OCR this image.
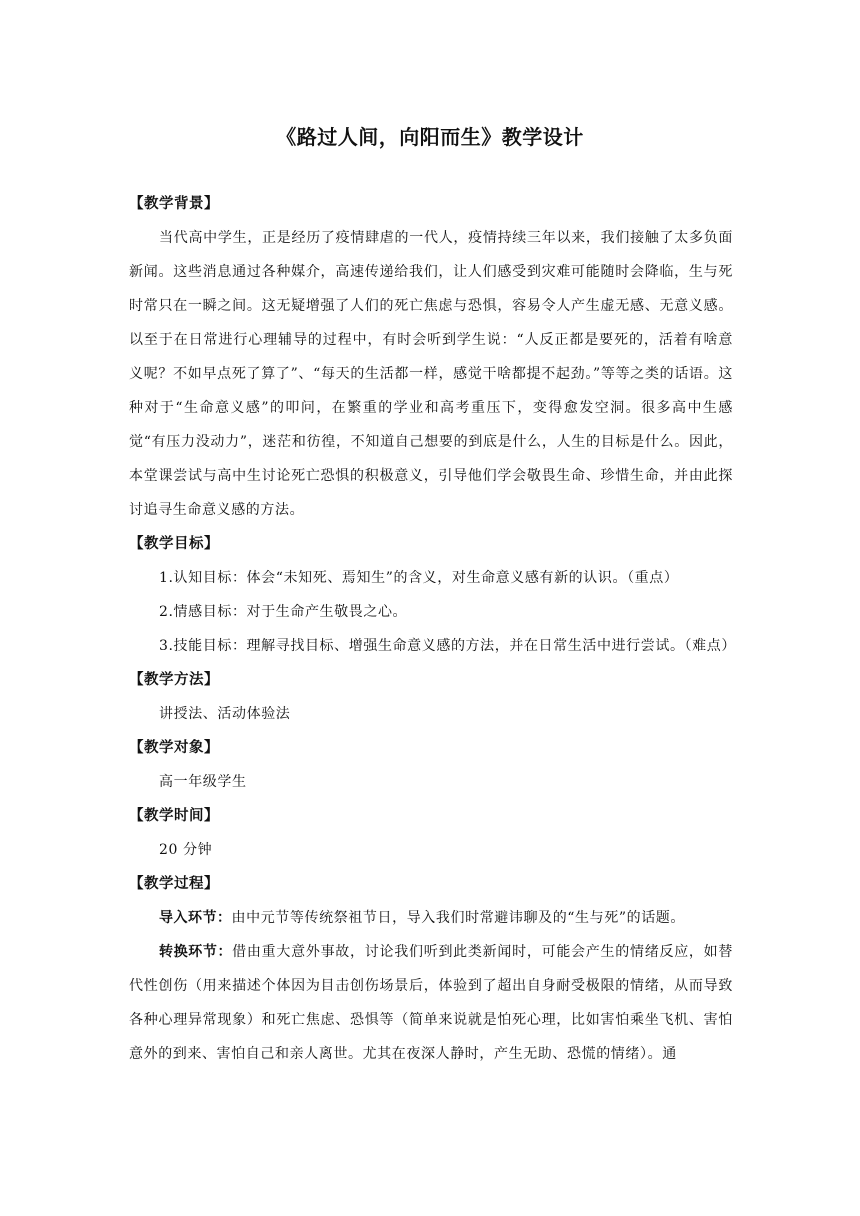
《路过人间，向阳而生》教学设计
【教学背景】

当代高中学生，正是经历了疫情肆虐的一代人，疫情持续三年以来，我们接触了太多负面新闻。这些消息通过各种媒介，高速传递给我们，让人们感受到灾难可能随时会降临，生与死时常只在一瞬之间。这无疑增强了人们的死亡焦虑与恐惧，容易令人产生虚无感、无意义感。以至于在日常进行心理辅导的过程中，有时会听到学生说：“人反正都是要死的，活着有啥意义呢？不如早点死了算了”、“每天的生活都一样，感觉干啥都提不起劲。”等等之类的话语。这种对于“生命意义感”的叩问，在繁重的学业和高考重压下，变得愈发空洞。很多高中生感觉“有压力没动力”，迷茫和彷徨，不知道自己想要的到底是什么，人生的目标是什么。因此，本堂课尝试与高中生讨论死亡恐惧的积极意义，引导他们学会敬畏生命、珍惜生命，并由此探讨追寻生命意义感的方法。

【教学目标】

1.认知目标：体会“未知死、焉知生”的含义，对生命意义感有新的认识。（重点）

2.情感目标：对于生命产生敬畏之心。

3.技能目标：理解寻找目标、增强生命意义感的方法，并在日常生活中进行尝试。（难点）

【教学方法】

讲授法、活动体验法

【教学对象】

高一年级学生

【教学时间】

20 分钟

【教学过程】

导入环节：由中元节等传统祭祖节日，导入我们时常避讳聊及的“生与死”的话题。

转换环节：借由重大意外事故，讨论我们听到此类新闻时，可能会产生的情绪反应，如替代性创伤（用来描述个体因为目击创伤场景后，体验到了超出自身耐受极限的情绪，从而导致各种心理异常现象）和死亡焦虑、恐惧等（简单来说就是怕死心理，比如害怕乘坐飞机、害怕意外的到来、害怕自己和亲人离世。尤其在夜深人静时，产生无助、恐慌的情绪）。通
